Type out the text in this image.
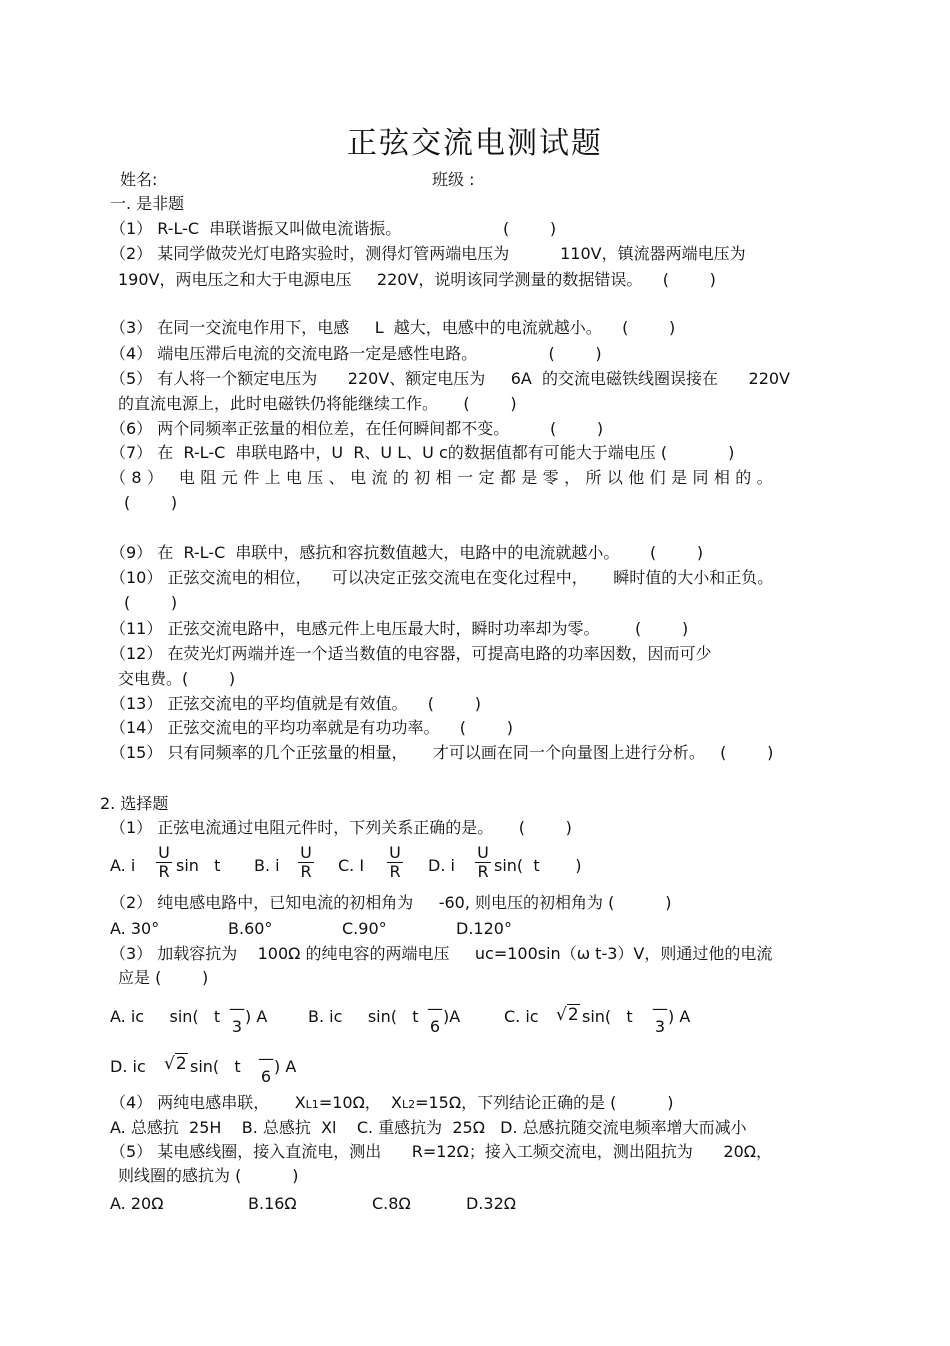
正弦交流电测试题
姓名:	班级 :
一. 是非题
（1） R-L-C  串联谐振又叫做电流谐振。                    (        )
（2） 某同学做荧光灯电路实验时，测得灯管两端电压为          110V，镇流器两端电压为
190V，两电压之和大于电源电压     220V，说明该同学测量的数据错误。    (        )
（3） 在同一交流电作用下，电感     L  越大，电感中的电流就越小。    (        )
（4） 端电压滞后电流的交流电路一定是感性电路。              (        )
（5） 有人将一个额定电压为      220V、额定电压为     6A  的交流电磁铁线圈误接在      220V
的直流电源上，此时电磁铁仍将能继续工作。     (        )
（6） 两个同频率正弦量的相位差，在任何瞬间都不变。        (        )
（7） 在  R-L-C  串联电路中，U  R、U L、U c的数据值都有可能大于端电压 (            )
（8） 电阻元件上电压、电流的初相一定都是零，所以他们是同相的。
(        )
（9） 在  R-L-C  串联中，感抗和容抗数值越大，电路中的电流就越小。      (        )
（10） 正弦交流电的相位，    可以决定正弦交流电在变化过程中，     瞬时值的大小和正负。
(        )
（11） 正弦交流电路中，电感元件上电压最大时，瞬时功率却为零。       (        )
（12） 在荧光灯两端并连一个适当数值的电容器，可提高电路的功率因数，因而可少
交电费。(        )
（13） 正弦交流电的平均值就是有效值。    (        )
（14） 正弦交流电的平均功率就是有功功率。    (        )
（15） 只有同频率的几个正弦量的相量，     才可以画在同一个向量图上进行分析。   (        )
2. 选择题
（1） 正弦电流通过电阻元件时，下列关系正确的是。     (        )
A. i $\frac{U}{R}$ sin   t B. i $\frac{U}{R} C$. I $\frac{U}{R} D$. i $\frac{U}{R} \sin$(  t       )
（2） 纯电感电路中，已知电流的初相角为     -60, 则电压的初相角为 (          )
A. 30°	B.60°	C.90°	D.120°
（3） 加载容抗为    100Ω 的纯电容的两端电压     uc=100sin（ω t-3）V，则通过他的电流
应是 (        )
A. ic     sin(   t —
3
) A	B. ic     sin(   t —
6
)A	C. ic √2 sin(   t —
3
) A
D. ic √2 sin(   t —
6
) A
（4） 两纯电感串联，     XL1=10Ω，  XL2=15Ω，下列结论正确的是 (          )
A. 总感抗  25H    B. 总感抗  Xl    C. 重感抗为  25Ω   D. 总感抗随交流电频率增大而减小
（5） 某电感线圈，接入直流电，测出      R=12Ω；接入工频交流电，测出阻抗为      20Ω，
则线圈的感抗为 (          )
A. 20Ω	B.16Ω	C.8Ω	D.32Ω
